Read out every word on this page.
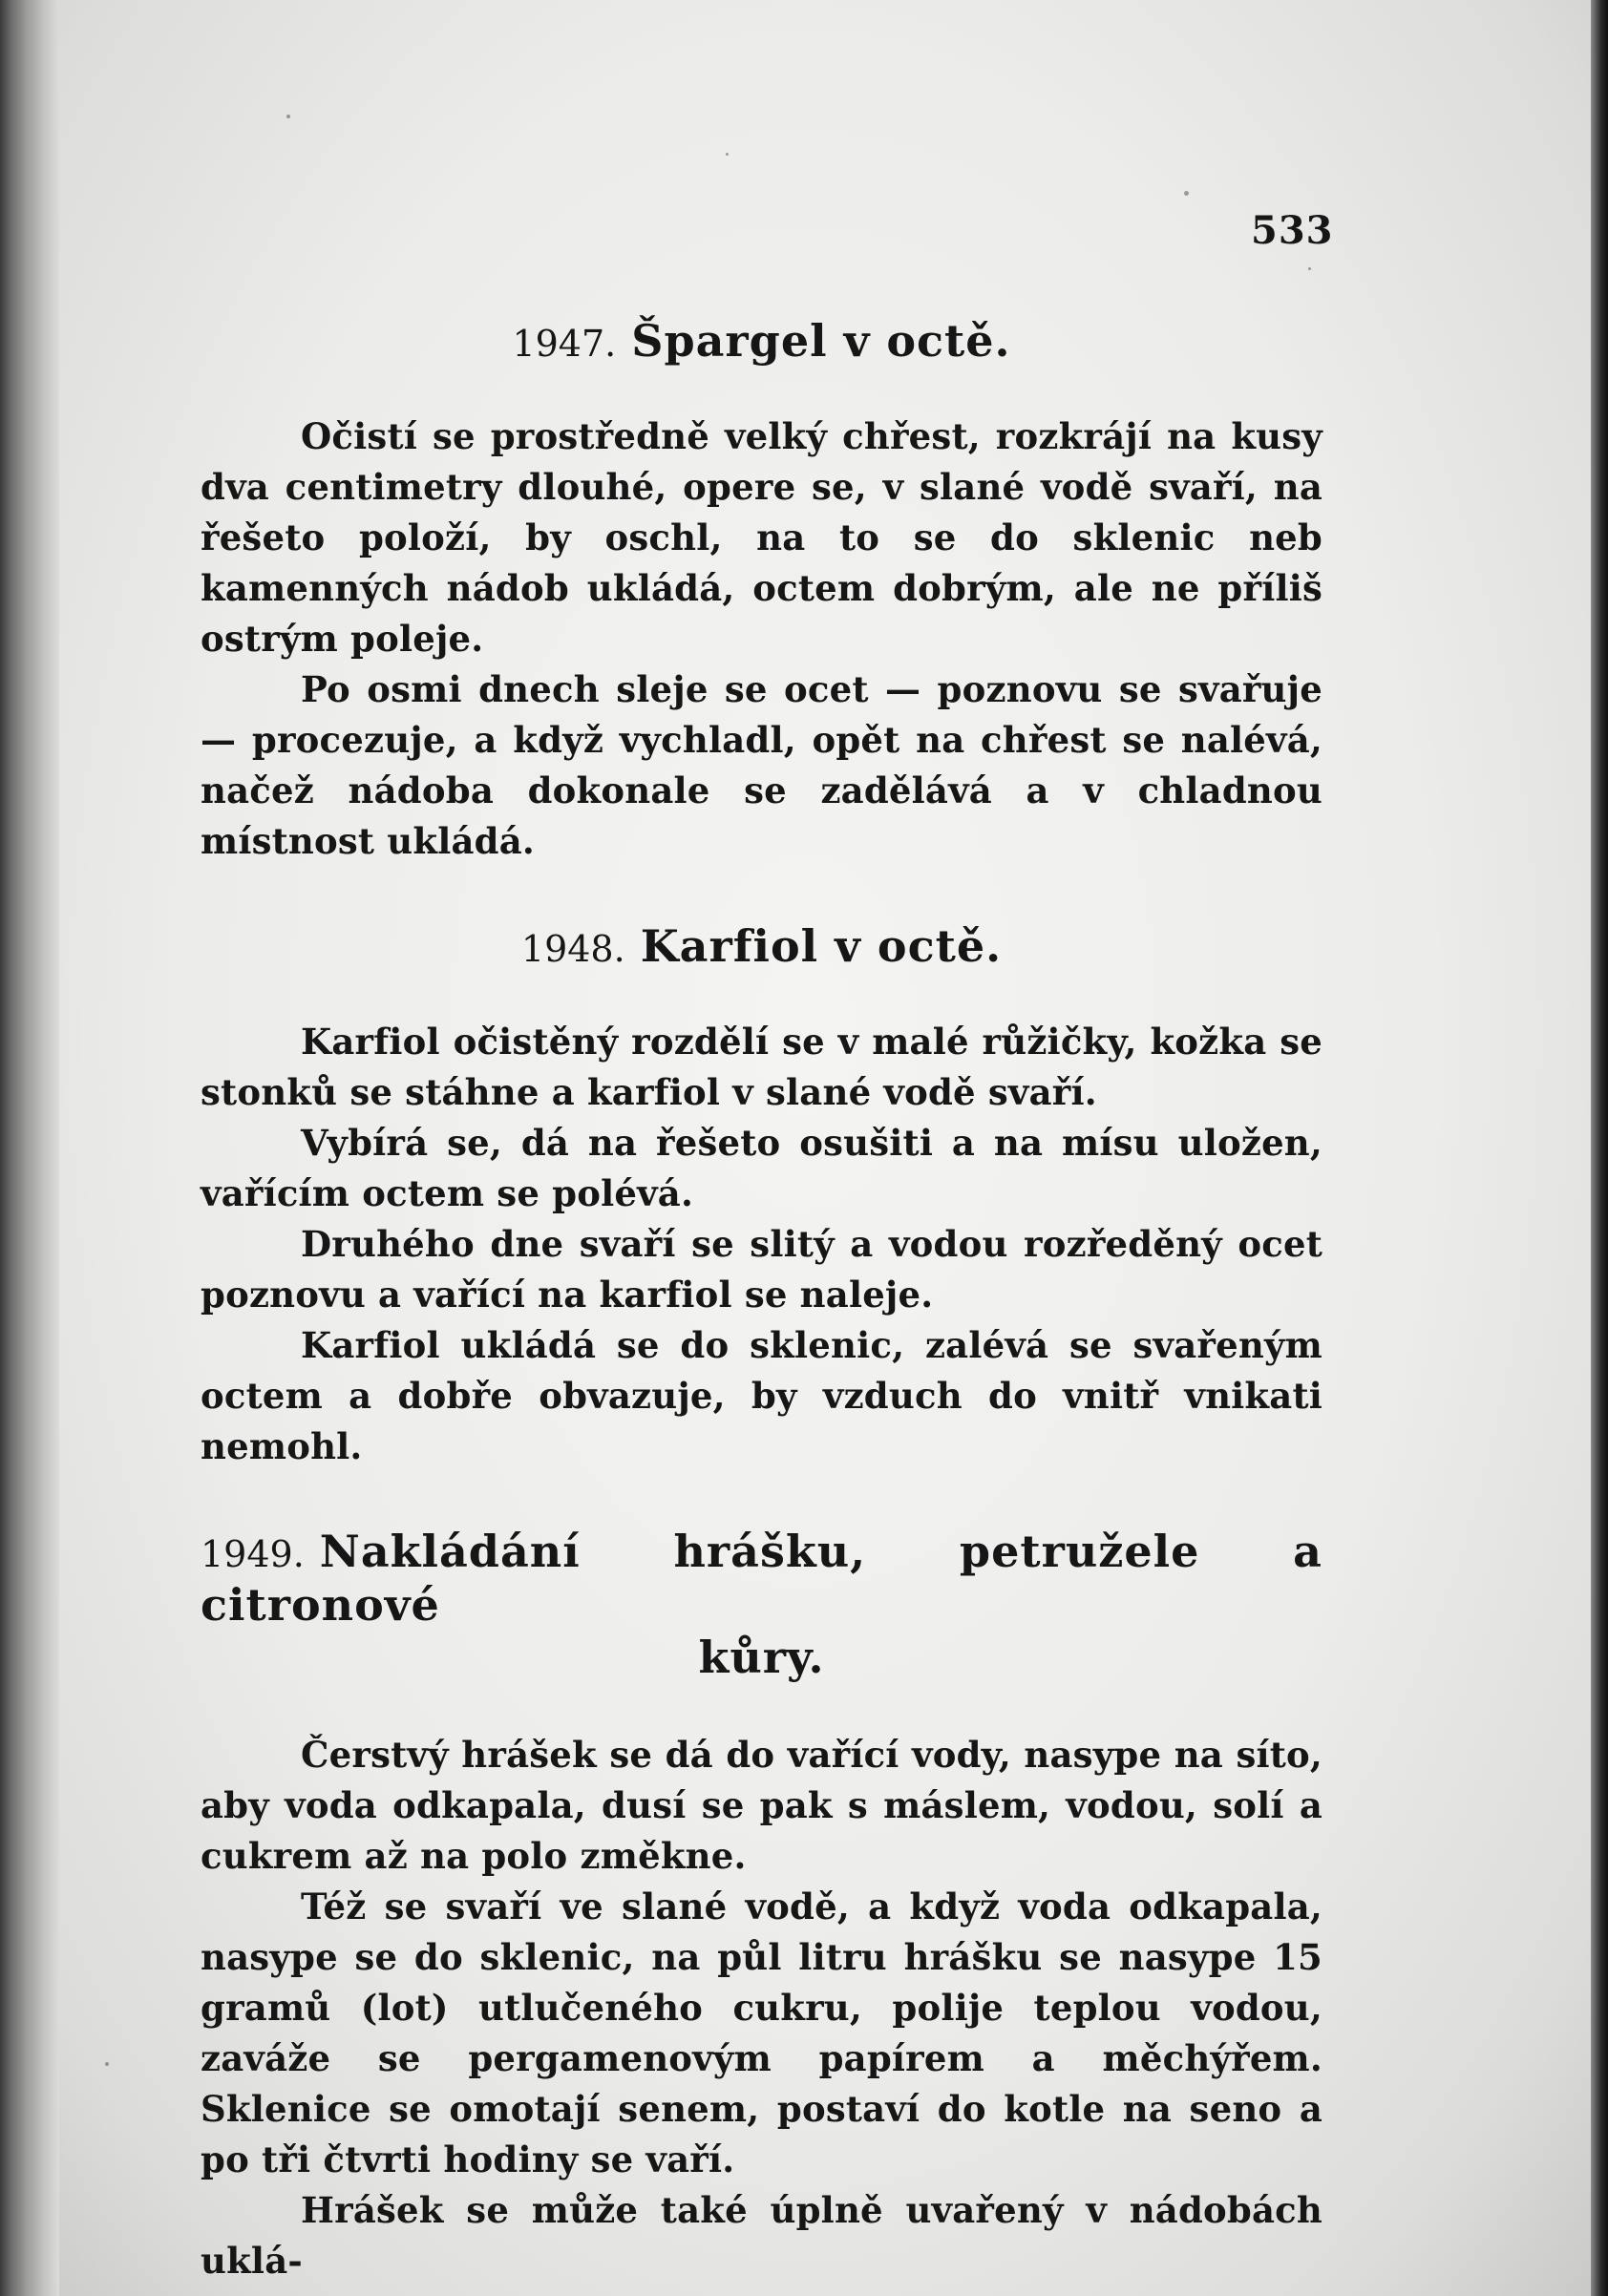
533
1947. Špargel v octě.

Očistí se prostředně velký chřest, rozkrájí na kusy dva centimetry dlouhé, opere se, v slané vodě svaří, na řešeto položí, by oschl, na to se do sklenic neb kamenných nádob ukládá, octem dobrým, ale ne příliš ostrým poleje.

Po osmi dnech sleje se ocet — poznovu se svařuje — procezuje, a když vychladl, opět na chřest se nalévá, načež nádoba dokonale se zadělává a v chladnou místnost ukládá.

1948. Karfiol v octě.

Karfiol očistěný rozdělí se v malé růžičky, kožka se stonků se stáhne a karfiol v slané vodě svaří.

Vybírá se, dá na řešeto osušiti a na mísu uložen, vařícím octem se polévá.

Druhého dne svaří se slitý a vodou rozředěný ocet poznovu a vařící na karfiol se naleje.

Karfiol ukládá se do sklenic, zalévá se svařeným octem a dobře obvazuje, by vzduch do vnitř vnikati nemohl.

1949. Nakládání hrášku, petružele a citronové
kůry.

Čerstvý hrášek se dá do vařící vody, nasype na síto, aby voda odkapala, dusí se pak s máslem, vodou, solí a cukrem až na polo změkne.

Též se svaří ve slané vodě, a když voda odkapala, nasype se do sklenic, na půl litru hrášku se nasype 15 gramů (lot) utlučeného cukru, polije teplou vodou, zaváže se pergamenovým papírem a měchýřem. Sklenice se omotají senem, postaví do kotle na seno a po tři čtvrti hodiny se vaří.

Hrášek se může také úplně uvařený v nádobách uklá-
